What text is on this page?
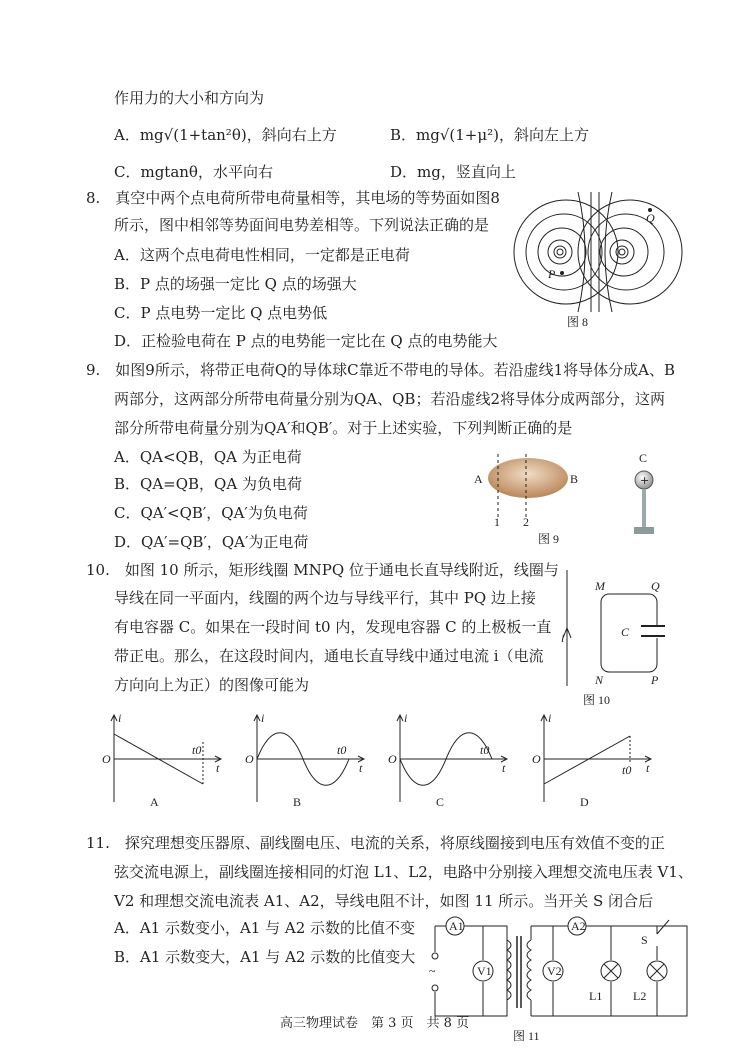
作用力的大小和方向为
A．mg√(1+tan²θ)，斜向右上方	B．mg√(1+μ²)，斜向左上方
C．mgtanθ，水平向右	D．mg，竖直向上
8.　真空中两个点电荷所带电荷量相等，其电场的等势面如图8
所示，图中相邻等势面间电势差相等。下列说法正确的是
A．这两个点电荷电性相同，一定都是正电荷
B．P 点的场强一定比 Q 点的场强大
C．P 点电势一定比 Q 点电势低
D．正检验电荷在 P 点的电势能一定比在 Q 点的电势能大
P
Q
图 8
9.　如图9所示，将带正电荷Q的导体球C靠近不带电的导体。若沿虚线1将导体分成A、B
两部分，这两部分所带电荷量分别为QA、QB；若沿虚线2将导体分成两部分，这两
部分所带电荷量分别为QA′和QB′。对于上述实验，下列判断正确的是
A．QA<QB，QA 为正电荷
B．QA=QB，QA 为负电荷
C．QA′<QB′，QA′为负电荷
D．QA′=QB′，QA′为正电荷
A	B
1 2
图 9
C
+
10.　如图 10 所示，矩形线圈 MNPQ 位于通电长直导线附近，线圈与
导线在同一平面内，线圈的两个边与导线平行，其中 PQ 边上接
有电容器 C。如果在一段时间 t0 内，发现电容器 C 的上极板一直
带正电。那么，在这段时间内，通电长直导线中通过电流 i（电流
方向向上为正）的图像可能为
i
M	Q
N	P
C
图 10
i
t
O
t0
A
i
t
O
t0
B
i
t
O
t0
C
i
t
O
t0
D
11.　探究理想变压器原、副线圈电压、电流的关系，将原线圈接到电压有效值不变的正
弦交流电源上，副线圈连接相同的灯泡 L1、L2，电路中分别接入理想交流电压表 V1、
V2 和理想交流电流表 A1、A2，导线电阻不计，如图 11 所示。当开关 S 闭合后
A．A1 示数变小，A1 与 A2 示数的比值不变
B．A1 示数变大，A1 与 A2 示数的比值变大
~
A1	A2
V1	V2
L1	L2
S
图 11
高三物理试卷　第 3 页　共 8 页
